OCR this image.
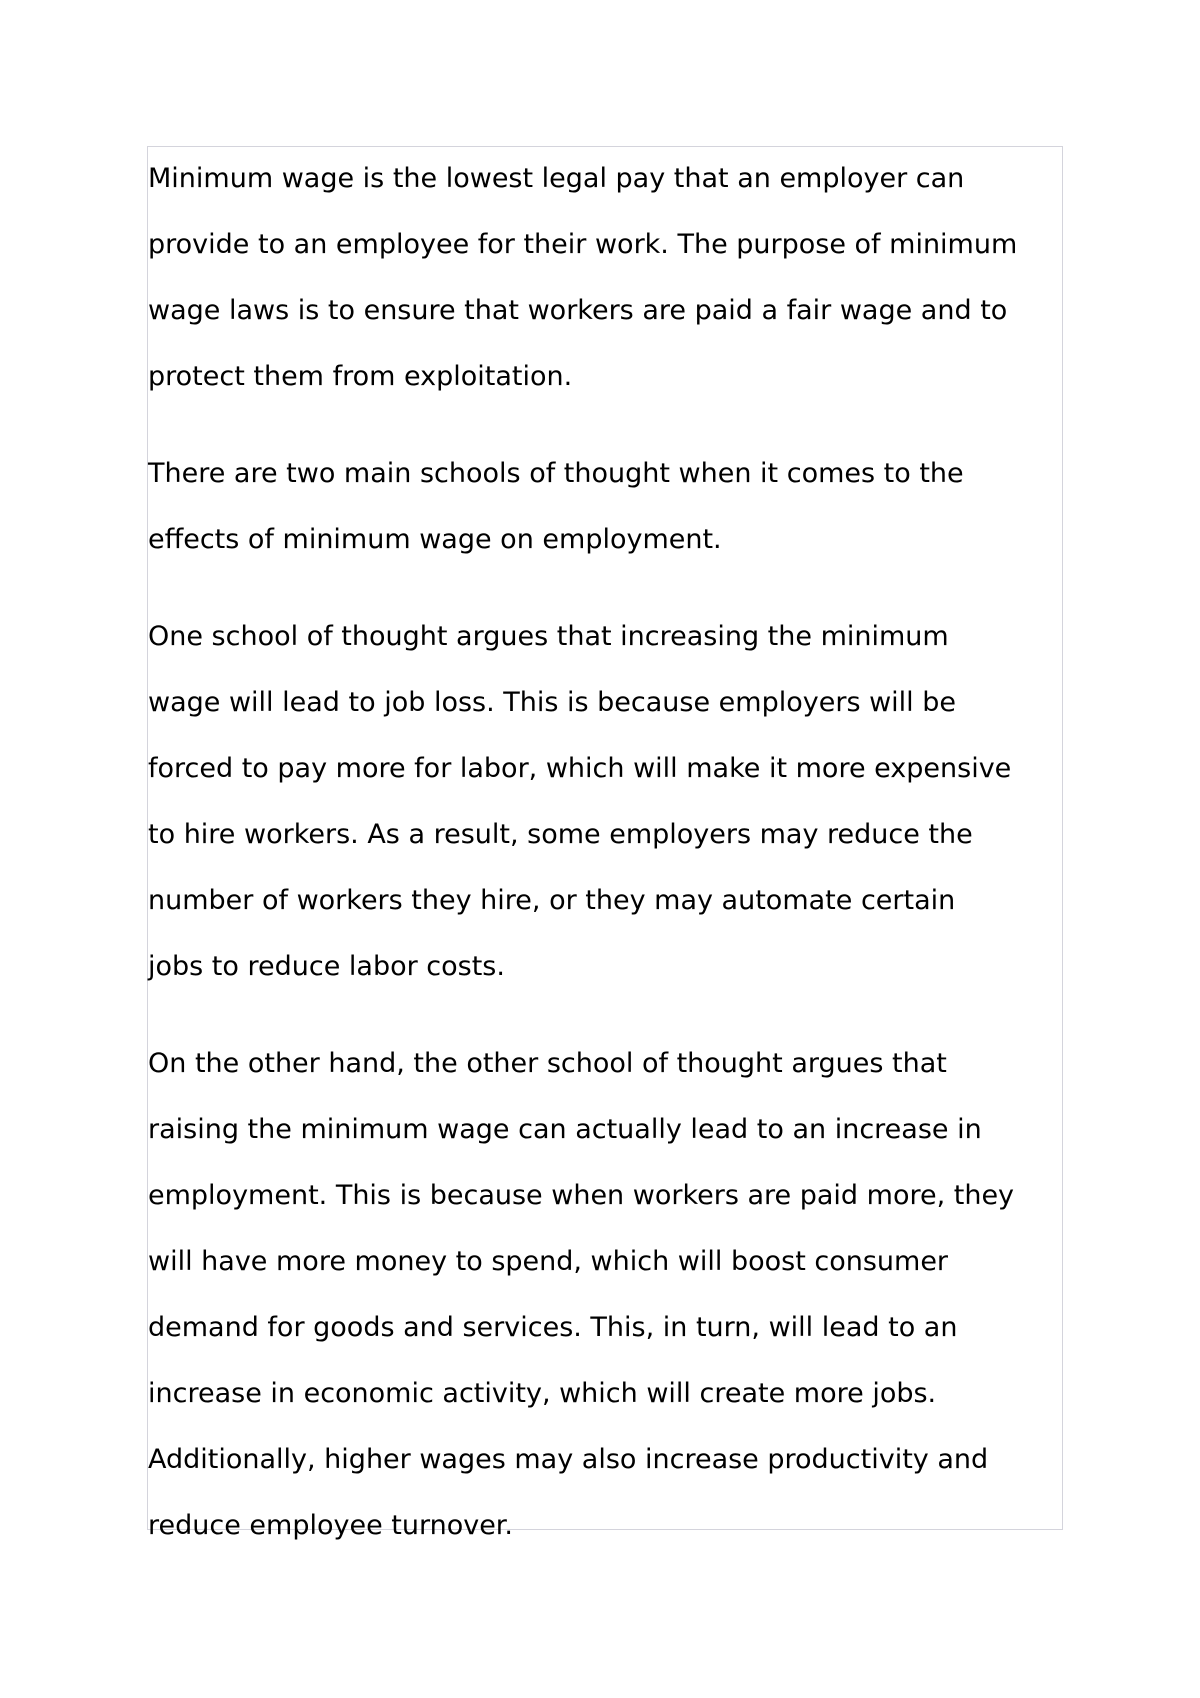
Minimum wage is the lowest legal pay that an employer can
provide to an employee for their work. The purpose of minimum
wage laws is to ensure that workers are paid a fair wage and to
protect them from exploitation.

There are two main schools of thought when it comes to the
effects of minimum wage on employment.

One school of thought argues that increasing the minimum
wage will lead to job loss. This is because employers will be
forced to pay more for labor, which will make it more expensive
to hire workers. As a result, some employers may reduce the
number of workers they hire, or they may automate certain
jobs to reduce labor costs.

On the other hand, the other school of thought argues that
raising the minimum wage can actually lead to an increase in
employment. This is because when workers are paid more, they
will have more money to spend, which will boost consumer
demand for goods and services. This, in turn, will lead to an
increase in economic activity, which will create more jobs.
Additionally, higher wages may also increase productivity and
reduce employee turnover.
